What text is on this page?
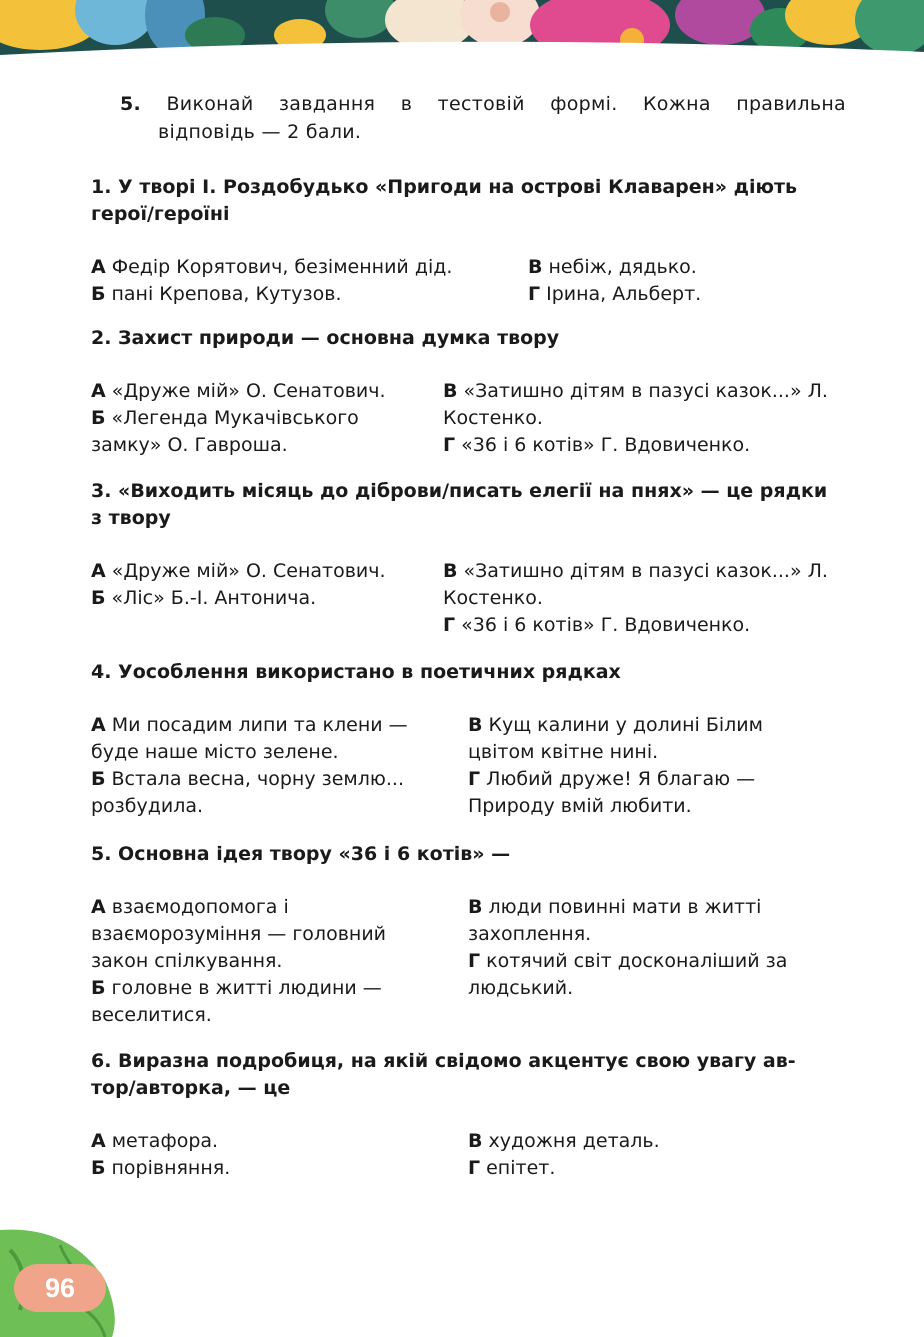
5. Виконай завдання в тестовій формі. Кожна правильна
відповідь — 2 бали.
1. У творі І. Роздобудько «Пригоди на острові Клаварен» діють
герої/героїні

А Федір Корятович, безіменний дід.

Б пані Крепова, Кутузов.

В небіж, дядько.

Г Ірина, Альберт.

2. Захист природи — основна думка твору

А «Друже мій» О. Сенатович.

Б «Легенда Мукачівського замку» О. Гавроша.

В «Затишно дітям в пазусі казок...» Л. Костенко.

Г «36 і 6 котів» Г. Вдовиченко.

3. «Виходить місяць до діброви/писать елегії на пнях» — це рядки
з твору

А «Друже мій» О. Сенатович.

Б «Ліс» Б.-І. Антонича.

В «Затишно дітям в пазусі казок...» Л. Костенко.

Г «36 і 6 котів» Г. Вдовиченко.

4. Уособлення використано в поетичних рядках

А Ми посадим липи та клени — буде наше місто зелене.

Б Встала весна, чорну землю... розбудила.

В Кущ калини у долині Білим цвітом квітне нині.

Г Любий друже! Я благаю — Природу вмій любити.

5. Основна ідея твору «36 і 6 котів» —

А взаємодопомога і взаєморозуміння — головний закон спілкування.

Б головне в житті людини — веселитися.

В люди повинні мати в житті захоплення.

Г котячий світ досконаліший за людський.

6. Виразна подробиця, на якій свідомо акцентує свою увагу ав-
тор/авторка, — це

А метафора.

Б порівняння.

В художня деталь.

Г епітет.

96
